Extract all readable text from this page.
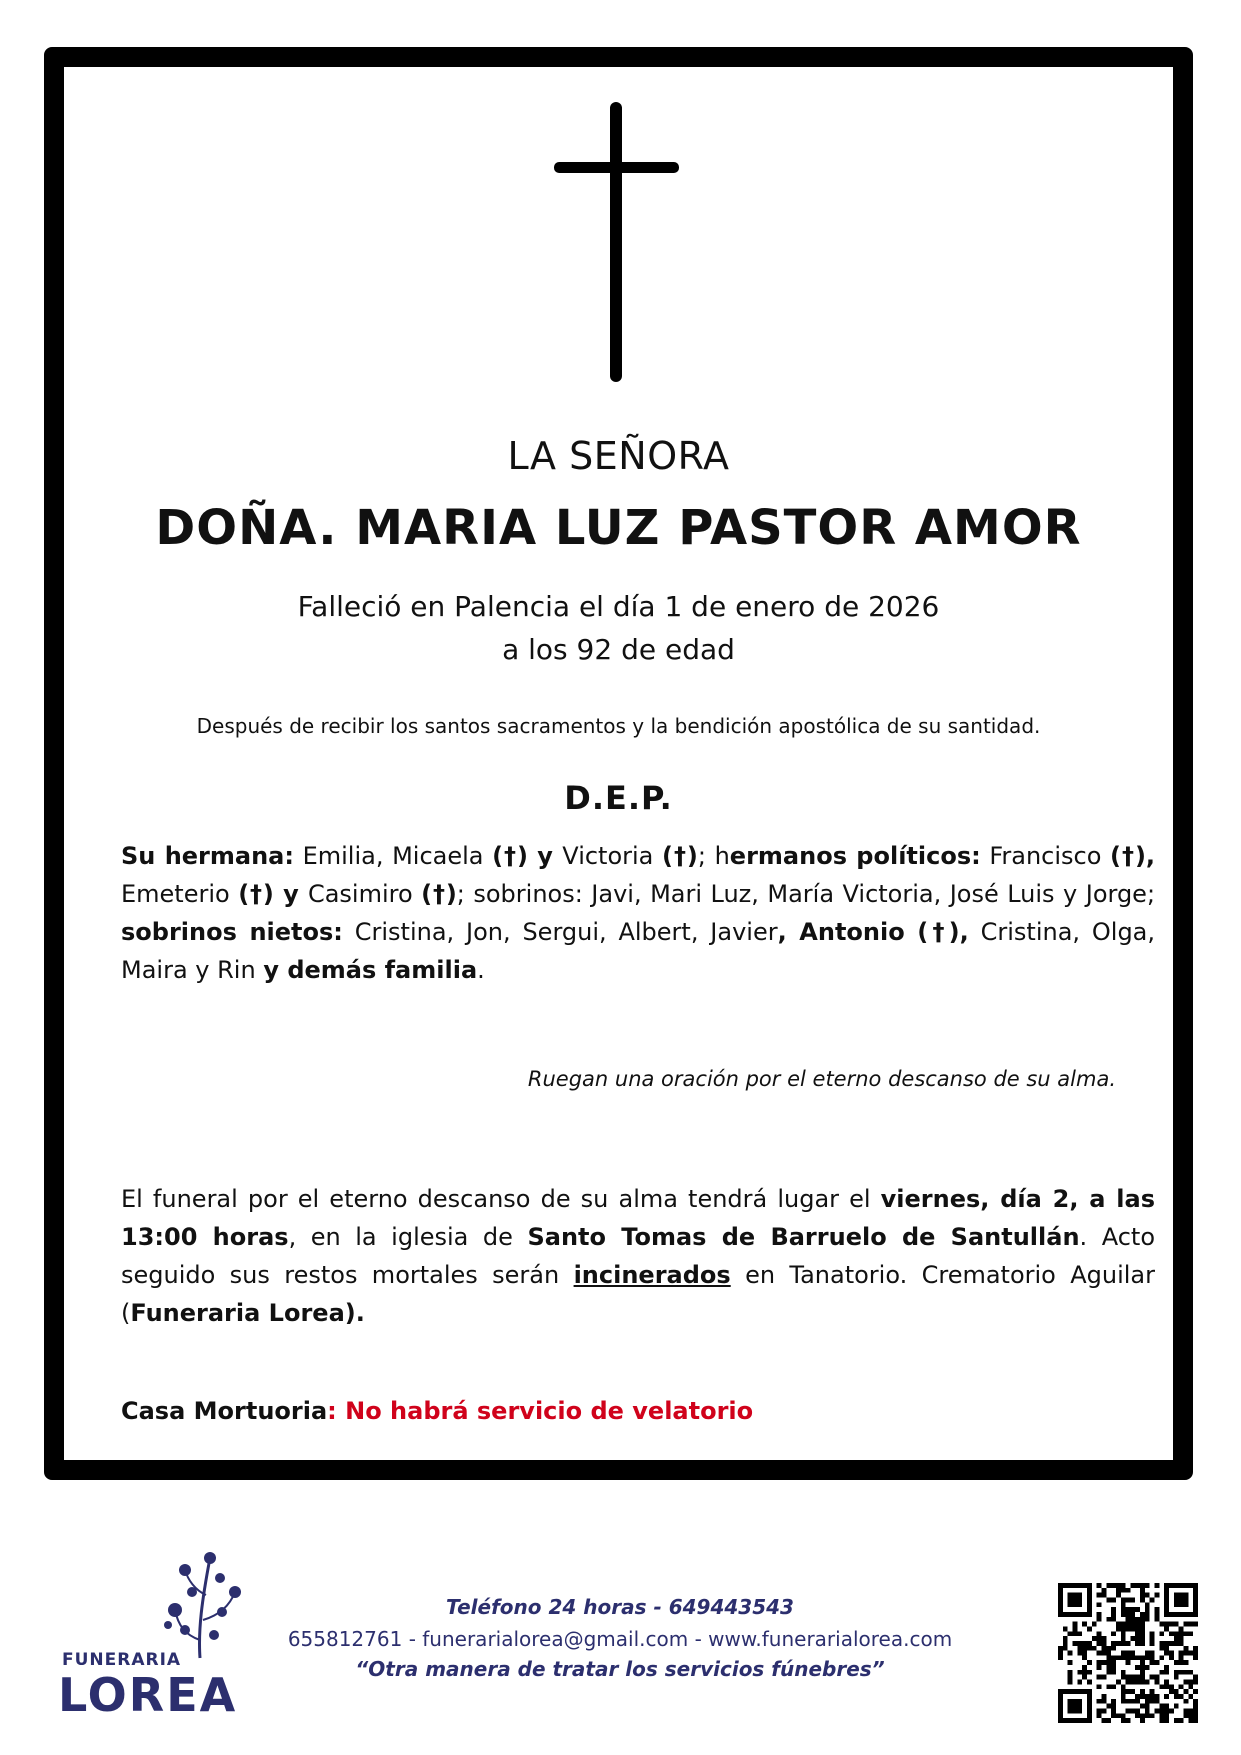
LA SEÑORA
DOÑA. MARIA LUZ PASTOR AMOR
Falleció en Palencia el día 1 de enero de 2026
a los 92 de edad
Después de recibir los santos sacramentos y la bendición apostólica de su santidad.
D.E.P.
Su hermana: Emilia, Micaela (†) y Victoria (†); hermanos políticos: Francisco (†), Emeterio (†) y Casimiro (†); sobrinos: Javi, Mari Luz, María Victoria, José Luis y Jorge; sobrinos nietos: Cristina, Jon, Sergui, Albert, Javier, Antonio (†), Cristina, Olga, Maira y Rin y demás familia.
Ruegan una oración por el eterno descanso de su alma.
El funeral por el eterno descanso de su alma tendrá lugar el viernes, día 2, a las 13:00 horas, en la iglesia de Santo Tomas de Barruelo de Santullán. Acto seguido sus restos mortales serán incinerados en Tanatorio. Crematorio Aguilar (Funeraria Lorea).
Casa Mortuoria: No habrá servicio de velatorio
FUNERARIA
LOREA
Teléfono 24 horas - 649443543
655812761 - funerarialorea@gmail.com - www.funerarialorea.com
“Otra manera de tratar los servicios fúnebres”
